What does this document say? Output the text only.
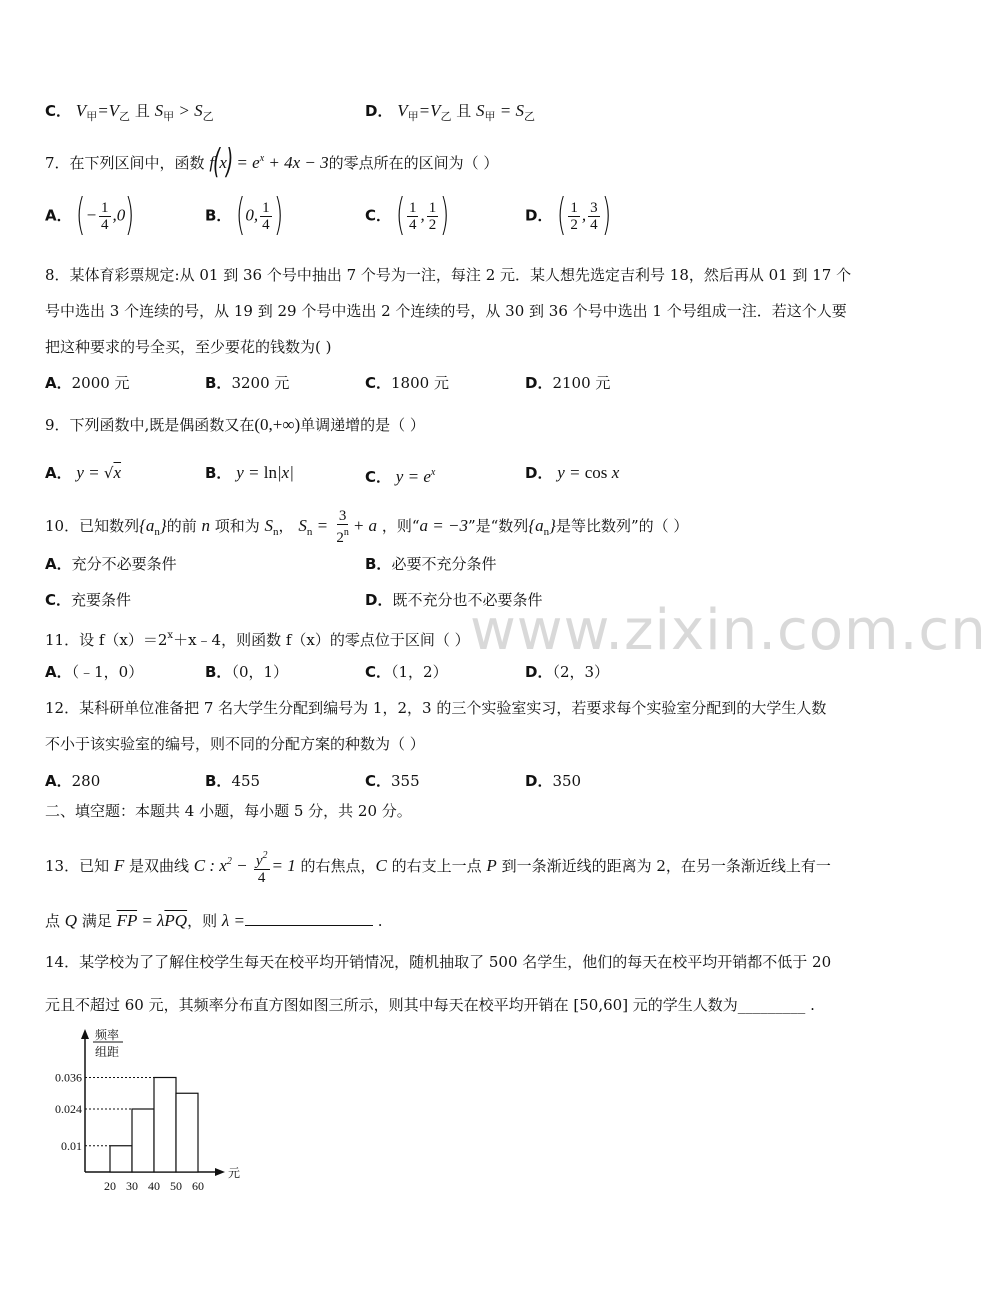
C． $V_甲=V_乙$ 且 $S_甲 > S_乙$	D． $V_甲=V_乙$ 且 $S_甲 = S_乙$
7．在下列区间中，函数 $f(x) = e^x + 4x - 3$的零点所在的区间为（ ）
A． (− $\frac{1}{4} ,0$)	B． (0, $\frac{1}{4}$ )	C． ( $\frac{1}{4}$ , $\frac{1}{2}$ )	D． ( $\frac{1}{2}$ , $\frac{3}{4}$ )
8．某体育彩票规定:从 01 到 36 个号中抽出 7 个号为一注，每注 2 元．某人想先选定吉利号 18，然后再从 01 到 17 个
号中选出 3 个连续的号，从 19 到 29 个号中选出 2 个连续的号，从 30 到 36 个号中选出 1 个号组成一注．若这个人要
把这种要求的号全买，至少要花的钱数为( )
A．2000 元	B．3200 元	C．1800 元	D．2100 元
9．下列函数中,既是偶函数又在(0,+∞)单调递增的是（ ）
A． y = √x	B． y = ln|x|	C． $y = e^x$	D． y = cos x
10．已知数列$\{a_n\}$的前 n 项和为 $S_n$， $S_n = \frac{3}{2^n} + a$ ，则“a = −3”是“数列$\{a_n\}$是等比数列”的（ ）
A．充分不必要条件	B．必要不充分条件
C．充要条件	D．既不充分也不必要条件
www.zixin.com.cn
11．设 $f(x)=2^x+x﹣4$，则函数 f（x）的零点位于区间（ ）
A．（﹣1，0）	B．（0，1）	C．（1，2）	D．（2，3）
12．某科研单位准备把 7 名大学生分配到编号为 1，2，3 的三个实验室实习，若要求每个实验室分配到的大学生人数
不小于该实验室的编号，则不同的分配方案的种数为（ ）
A．280	B．455	C．355	D．350
二、填空题：本题共 4 小题，每小题 5 分，共 20 分。
13．已知 F 是双曲线 C : $x^2 - \frac{y^2}{4} = 1$ 的右焦点，C 的右支上一点 P 到一条渐近线的距离为 2，在另一条渐近线上有一
点 Q 满足 $\overline{FP} = \lambda\overline{PQ}$，则 λ =	.
14．某学校为了了解住校学生每天在校平均开销情况，随机抽取了 500 名学生，他们的每天在校平均开销都不低于 20
元且不超过 60 元，其频率分布直方图如图三所示，则其中每天在校平均开销在 [50,60] 元的学生人数为_________ .
频率
组距
元
0.036
0.024
0.01
20 30 40 50 60
